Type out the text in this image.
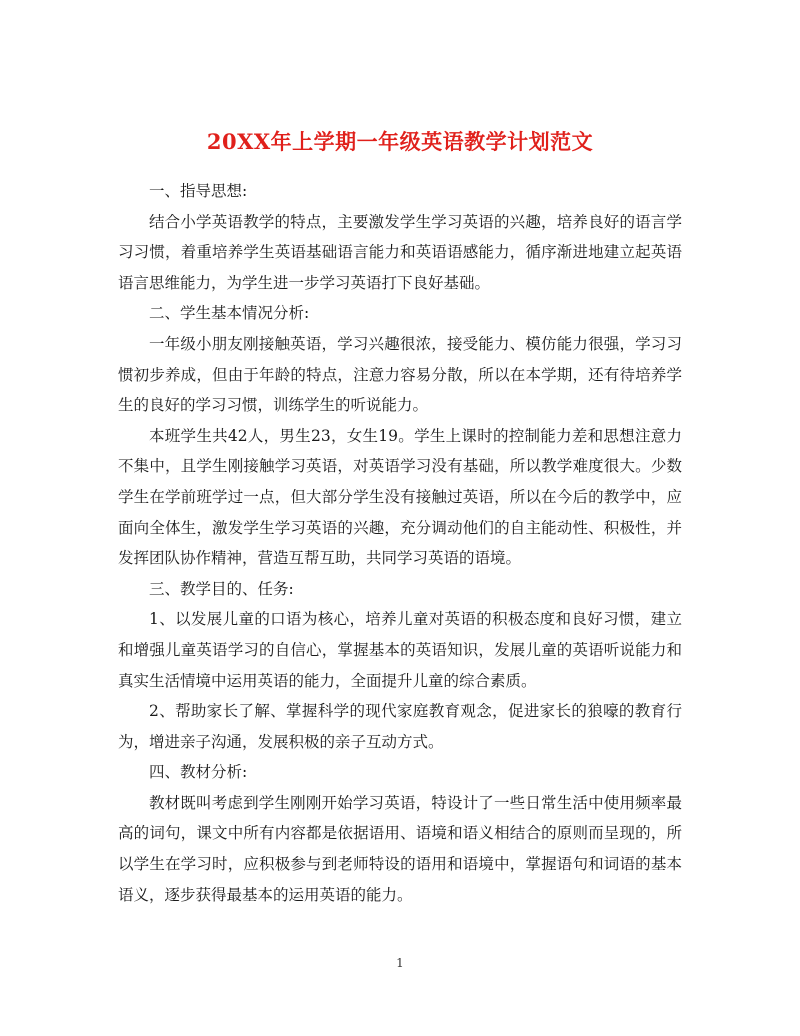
20XX年上学期一年级英语教学计划范文

一、指导思想:

结合小学英语教学的特点，主要激发学生学习英语的兴趣，培养良好的语言学习习惯，着重培养学生英语基础语言能力和英语语感能力，循序渐进地建立起英语语言思维能力，为学生进一步学习英语打下良好基础。

二、学生基本情况分析:

一年级小朋友刚接触英语，学习兴趣很浓，接受能力、模仿能力很强，学习习惯初步养成，但由于年龄的特点，注意力容易分散，所以在本学期，还有待培养学生的良好的学习习惯，训练学生的听说能力。

本班学生共42人，男生23，女生19。学生上课时的控制能力差和思想注意力不集中，且学生刚接触学习英语，对英语学习没有基础，所以教学难度很大。少数学生在学前班学过一点，但大部分学生没有接触过英语，所以在今后的教学中，应面向全体生，激发学生学习英语的兴趣，充分调动他们的自主能动性、积极性，并发挥团队协作精神，营造互帮互助，共同学习英语的语境。

三、教学目的、任务:

1、以发展儿童的口语为核心，培养儿童对英语的积极态度和良好习惯，建立和增强儿童英语学习的自信心，掌握基本的英语知识，发展儿童的英语听说能力和真实生活情境中运用英语的能力，全面提升儿童的综合素质。

2、帮助家长了解、掌握科学的现代家庭教育观念，促进家长的狼嚎的教育行为，增进亲子沟通，发展积极的亲子互动方式。

四、教材分析:

教材既叫考虑到学生刚刚开始学习英语，特设计了一些日常生活中使用频率最高的词句，课文中所有内容都是依据语用、语境和语义相结合的原则而呈现的，所以学生在学习时，应积极参与到老师特设的语用和语境中，掌握语句和词语的基本语义，逐步获得最基本的运用英语的能力。

1
